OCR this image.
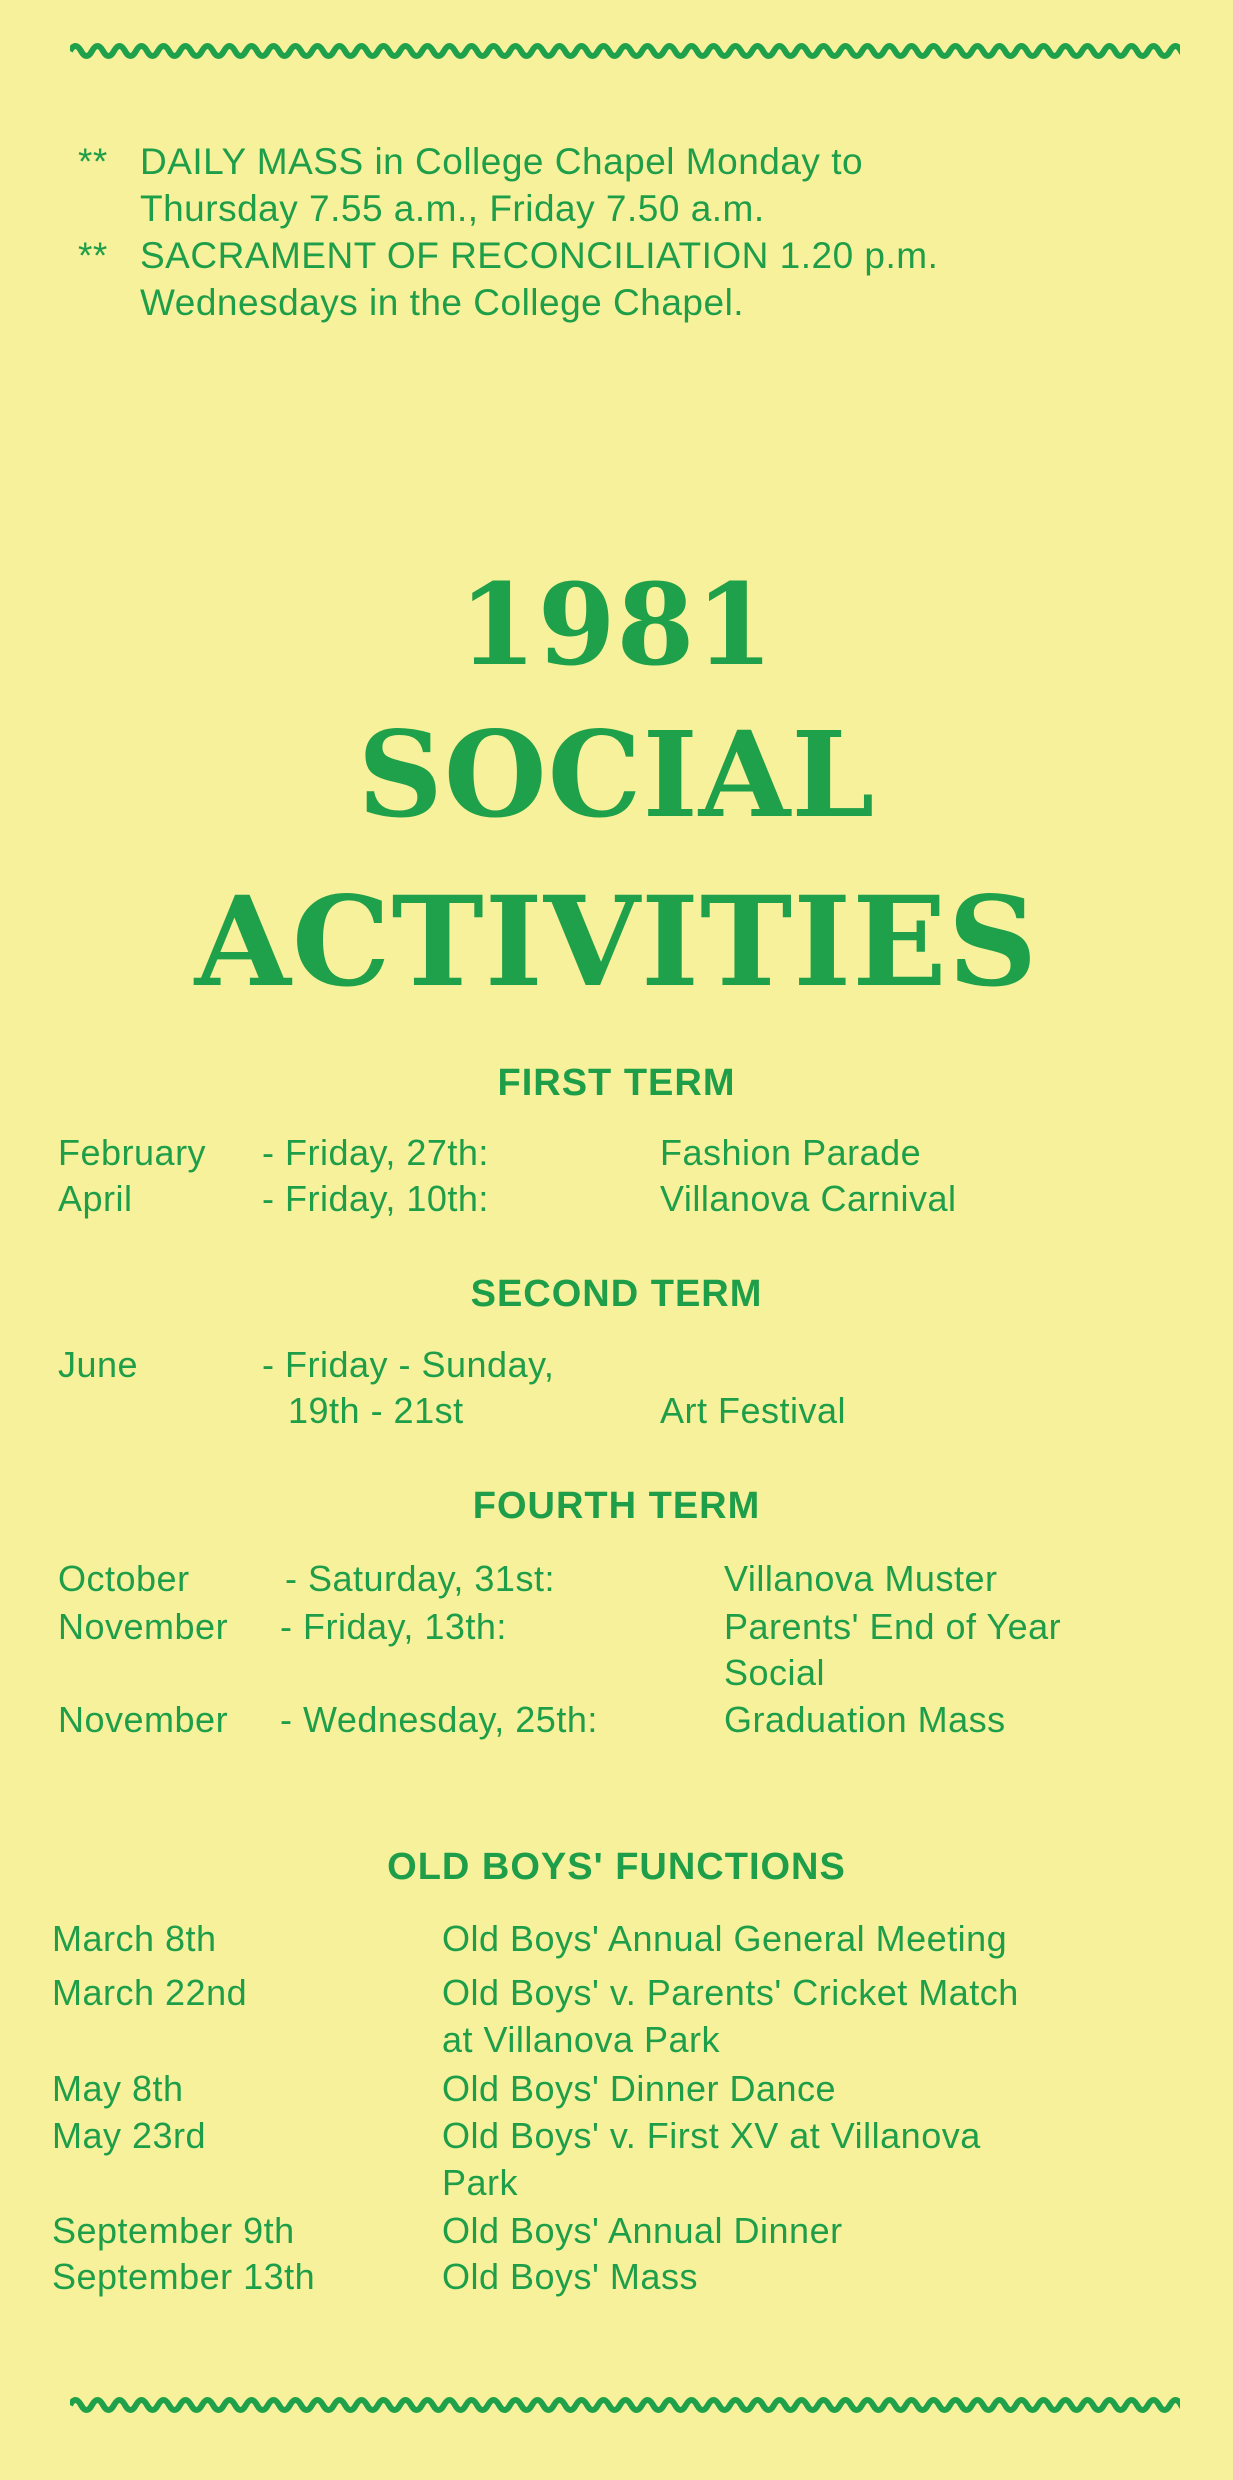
** DAILY MASS in College Chapel Monday to
Thursday 7.55 a.m., Friday 7.50 a.m.
** SACRAMENT OF RECONCILIATION 1.20 p.m.
Wednesdays in the College Chapel.
1981
SOCIAL
ACTIVITIES
FIRST TERM
February - Friday, 27th:	Fashion Parade
April	- Friday, 10th:	Villanova Carnival
SECOND TERM
June	- Friday - Sunday,
19th - 21st	Art Festival
FOURTH TERM
October	- Saturday, 31st:	Villanova Muster
November - Friday, 13th:	Parents' End of Year
Social
November - Wednesday, 25th:	Graduation Mass
OLD BOYS' FUNCTIONS
March 8th	Old Boys' Annual General Meeting
March 22nd	Old Boys' v. Parents' Cricket Match
at Villanova Park
May 8th	Old Boys' Dinner Dance
May 23rd	Old Boys' v. First XV at Villanova
Park
September 9th	Old Boys' Annual Dinner
September 13th	Old Boys' Mass
